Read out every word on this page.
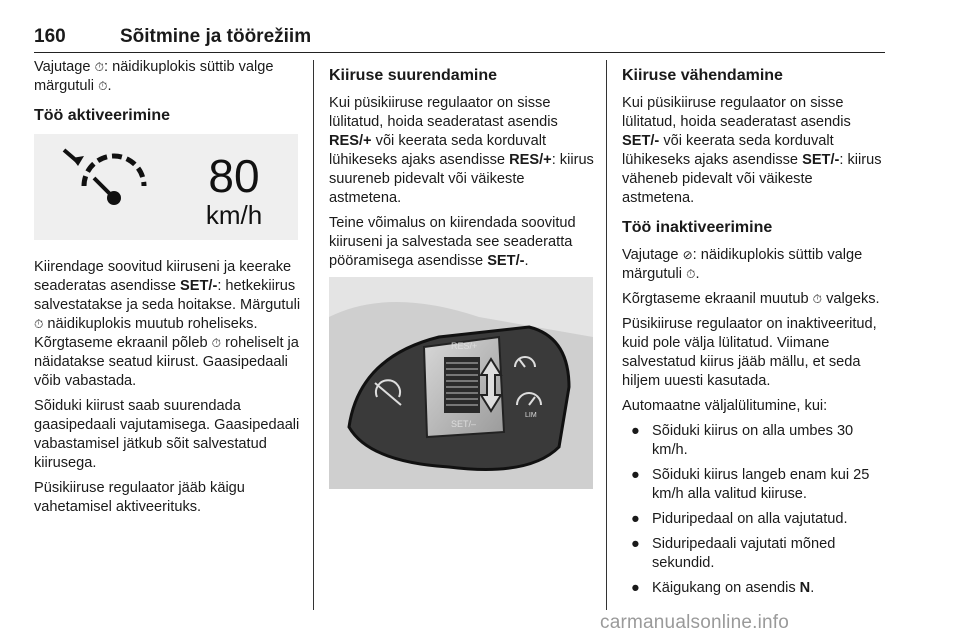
160	Sõitmine ja töörežiim

Vajutage ⏱: näidikuplokis süttib valge märgutuli ⏱.

Töö aktiveerimine
80
km/h

Kiirendage soovitud kiiruseni ja keerake seaderatas asendisse SET/-: hetkekiirus salvestatakse ja seda hoitakse. Märgutuli ⏱ näidikuplokis muutub roheliseks. Kõrgtaseme ekraanil põleb ⏱ roheliselt ja näidatakse seatud kiirust. Gaasipedaali võib vabastada.

Sõiduki kiirust saab suurendada gaasipedaali vajutamisega. Gaasipedaali vabastamisel jätkub sõit salvestatud kiirusega.

Püsikiiruse regulaator jääb käigu vahetamisel aktiveerituks.

Kiiruse suurendamine

Kui püsikiiruse regulaator on sisse lülitatud, hoida seaderatast asendis RES/+ või keerata seda korduvalt lühikeseks ajaks asendisse RES/+: kiirus suureneb pidevalt või väikeste astmetena.

Teine võimalus on kiirendada soovitud kiiruseni ja salvestada see seaderatta pööramisega asendisse SET/-.

RES/+
SET/–
LIM
Kiiruse vähendamine

Kui püsikiiruse regulaator on sisse lülitatud, hoida seaderatast asendis SET/- või keerata seda korduvalt lühikeseks ajaks asendisse SET/-: kiirus väheneb pidevalt või väikeste astmetena.

Töö inaktiveerimine

Vajutage ⊘: näidikuplokis süttib valge märgutuli ⏱.

Kõrgtaseme ekraanil muutub ⏱ valgeks.

Püsikiiruse regulaator on inaktiveeritud, kuid pole välja lülitatud. Viimane salvestatud kiirus jääb mällu, et seda hiljem uuesti kasutada.

Automaatne väljalülitumine, kui:

● Sõiduki kiirus on alla umbes 30 km/h.
● Sõiduki kiirus langeb enam kui 25 km/h alla valitud kiiruse.
● Piduripedaal on alla vajutatud.
● Siduripedaali vajutati mõned sekundid.
● Käigukang on asendis N.
carmanualsonline.info
